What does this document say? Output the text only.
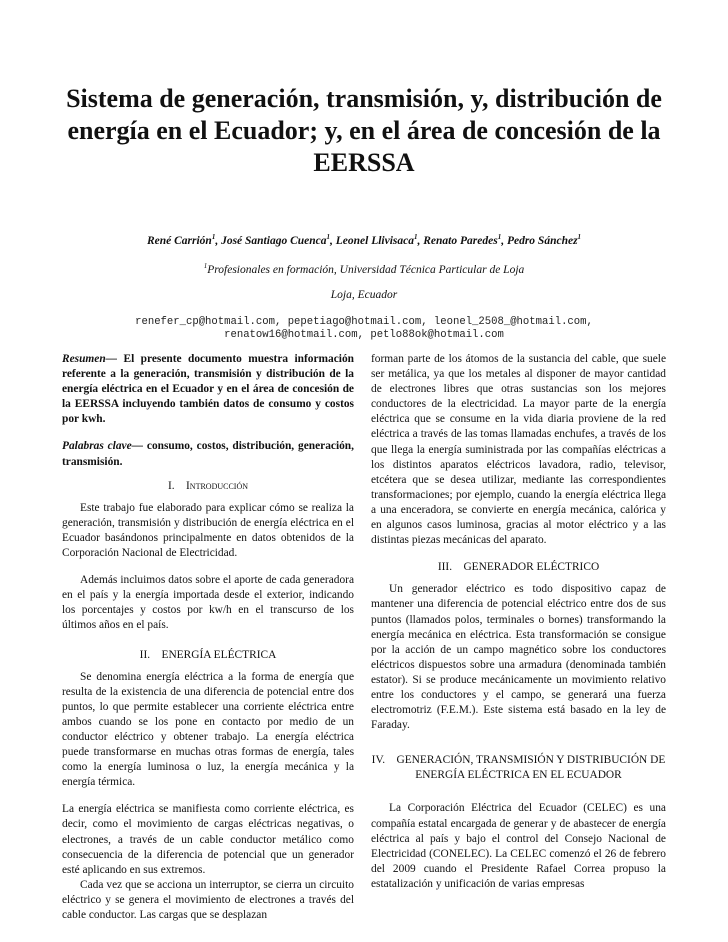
Sistema de generación, transmisión, y, distribución de energía en el Ecuador; y, en el área de concesión de la EERSSA
René Carrión$^1$, José Santiago Cuenca$^1$, Leonel Llivisaca$^1$, Renato Paredes$^1$, Pedro Sánchez$^1$
$^1$Profesionales en formación, Universidad Técnica Particular de Loja
Loja, Ecuador
renefer_cp@hotmail.com, pepetiago@hotmail.com, leonel_2508_@hotmail.com,
renatow16@hotmail.com, petlo88ok@hotmail.com

Resumen— El presente documento muestra información referente a la generación, transmisión y distribución de la energía eléctrica en el Ecuador y en el área de concesión de la EERSSA incluyendo también datos de consumo y costos por kwh.

Palabras clave— consumo, costos, distribución, generación, transmisión.

I. Introducción

Este trabajo fue elaborado para explicar cómo se realiza la generación, transmisión y distribución de energía eléctrica en el Ecuador basándonos principalmente en datos obtenidos de la Corporación Nacional de Electricidad.

Además incluimos datos sobre el aporte de cada generadora en el país y la energía importada desde el exterior, indicando los porcentajes y costos por kw/h en el transcurso de los últimos años en el país.

II. ENERGÍA ELÉCTRICA

Se denomina energía eléctrica a la forma de energía que resulta de la existencia de una diferencia de potencial entre dos puntos, lo que permite establecer una corriente eléctrica entre ambos cuando se los pone en contacto por medio de un conductor eléctrico y obtener trabajo. La energía eléctrica puede transformarse en muchas otras formas de energía, tales como la energía luminosa o luz, la energía mecánica y la energía térmica.

La energía eléctrica se manifiesta como corriente eléctrica, es decir, como el movimiento de cargas eléctricas negativas, o electrones, a través de un cable conductor metálico como consecuencia de la diferencia de potencial que un generador esté aplicando en sus extremos.

Cada vez que se acciona un interruptor, se cierra un circuito eléctrico y se genera el movimiento de electrones a través del cable conductor. Las cargas que se desplazan

forman parte de los átomos de la sustancia del cable, que suele ser metálica, ya que los metales al disponer de mayor cantidad de electrones libres que otras sustancias son los mejores conductores de la electricidad. La mayor parte de la energía eléctrica que se consume en la vida diaria proviene de la red eléctrica a través de las tomas llamadas enchufes, a través de los que llega la energía suministrada por las compañías eléctricas a los distintos aparatos eléctricos lavadora, radio, televisor, etcétera que se desea utilizar, mediante las correspondientes transformaciones; por ejemplo, cuando la energía eléctrica llega a una enceradora, se convierte en energía mecánica, calórica y en algunos casos luminosa, gracias al motor eléctrico y a las distintas piezas mecánicas del aparato.

III. GENERADOR ELÉCTRICO

Un generador eléctrico es todo dispositivo capaz de mantener una diferencia de potencial eléctrico entre dos de sus puntos (llamados polos, terminales o bornes) transformando la energía mecánica en eléctrica. Esta transformación se consigue por la acción de un campo magnético sobre los conductores eléctricos dispuestos sobre una armadura (denominada también estator). Si se produce mecánicamente un movimiento relativo entre los conductores y el campo, se generará una fuerza electromotriz (F.E.M.). Este sistema está basado en la ley de Faraday.

IV. GENERACIÓN, TRANSMISIÓN Y DISTRIBUCIÓN DE ENERGÍA ELÉCTRICA EN EL ECUADOR

La Corporación Eléctrica del Ecuador (CELEC) es una compañía estatal encargada de generar y de abastecer de energía eléctrica al país y bajo el control del Consejo Nacional de Electricidad (CONELEC). La CELEC comenzó el 26 de febrero del 2009 cuando el Presidente Rafael Correa propuso la estatalización y unificación de varias empresas
